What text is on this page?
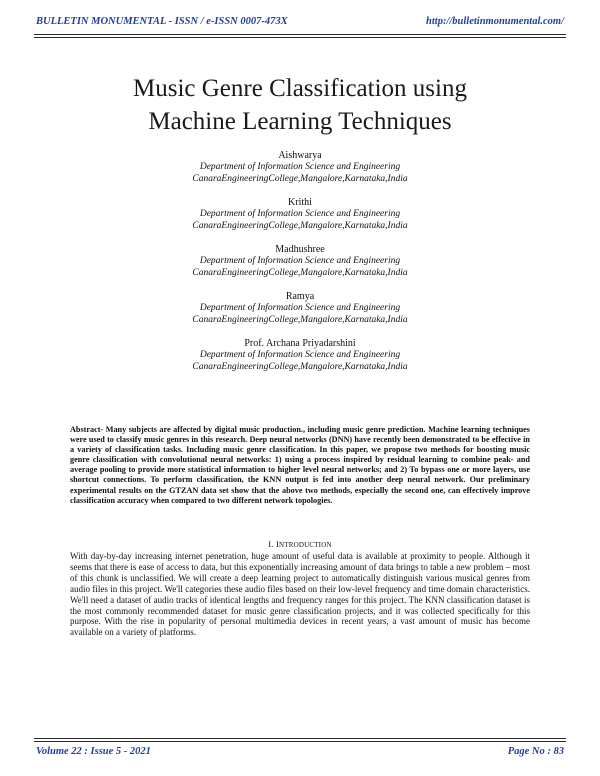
BULLETIN MONUMENTAL - ISSN / e-ISSN 0007-473X	http://bulletinmonumental.com/
Music Genre Classification using
Machine Learning Techniques
Aishwarya
Department of Information Science and Engineering
CanaraEngineeringCollege,Mangalore,Karnataka,India
Krithi
Department of Information Science and Engineering
CanaraEngineeringCollege,Mangalore,Karnataka,India
Madhushree
Department of Information Science and Engineering
CanaraEngineeringCollege,Mangalore,Karnataka,India
Ramya
Department of Information Science and Engineering
CanaraEngineeringCollege,Mangalore,Karnataka,India
Prof. Archana Priyadarshini
Department of Information Science and Engineering
CanaraEngineeringCollege,Mangalore,Karnataka,India
Abstract- Many subjects are affected by digital music production., including music genre prediction. Machine learning techniques were used to classify music genres in this research. Deep neural networks (DNN) have recently been demonstrated to be effective in a variety of classification tasks. Including music genre classification. In this paper, we propose two methods for boosting music genre classification with convolutional neural networks: 1) using a process inspired by residual learning to combine peak- and average pooling to provide more statistical information to higher level neural networks; and 2) To bypass one or more layers, use shortcut connections. To perform classification, the KNN output is fed into another deep neural network. Our preliminary experimental results on the GTZAN data set show that the above two methods, especially the second one, can effectively improve classification accuracy when compared to two different network topologies.
I. INTRODUCTION
With day-by-day increasing internet penetration, huge amount of useful data is available at proximity to people. Although it seems that there is ease of access to data, but this exponentially increasing amount of data brings to table a new problem – most of this chunk is unclassified. We will create a deep learning project to automatically distinguish various musical genres from audio files in this project. We'll categories these audio files based on their low-level frequency and time domain characteristics. We'll need a dataset of audio tracks of identical lengths and frequency ranges for this project. The KNN classification dataset is the most commonly recommended dataset for music genre classification projects, and it was collected specifically for this purpose. With the rise in popularity of personal multimedia devices in recent years, a vast amount of music has become available on a variety of platforms.
Volume 22 : Issue 5 - 2021	Page No : 83
